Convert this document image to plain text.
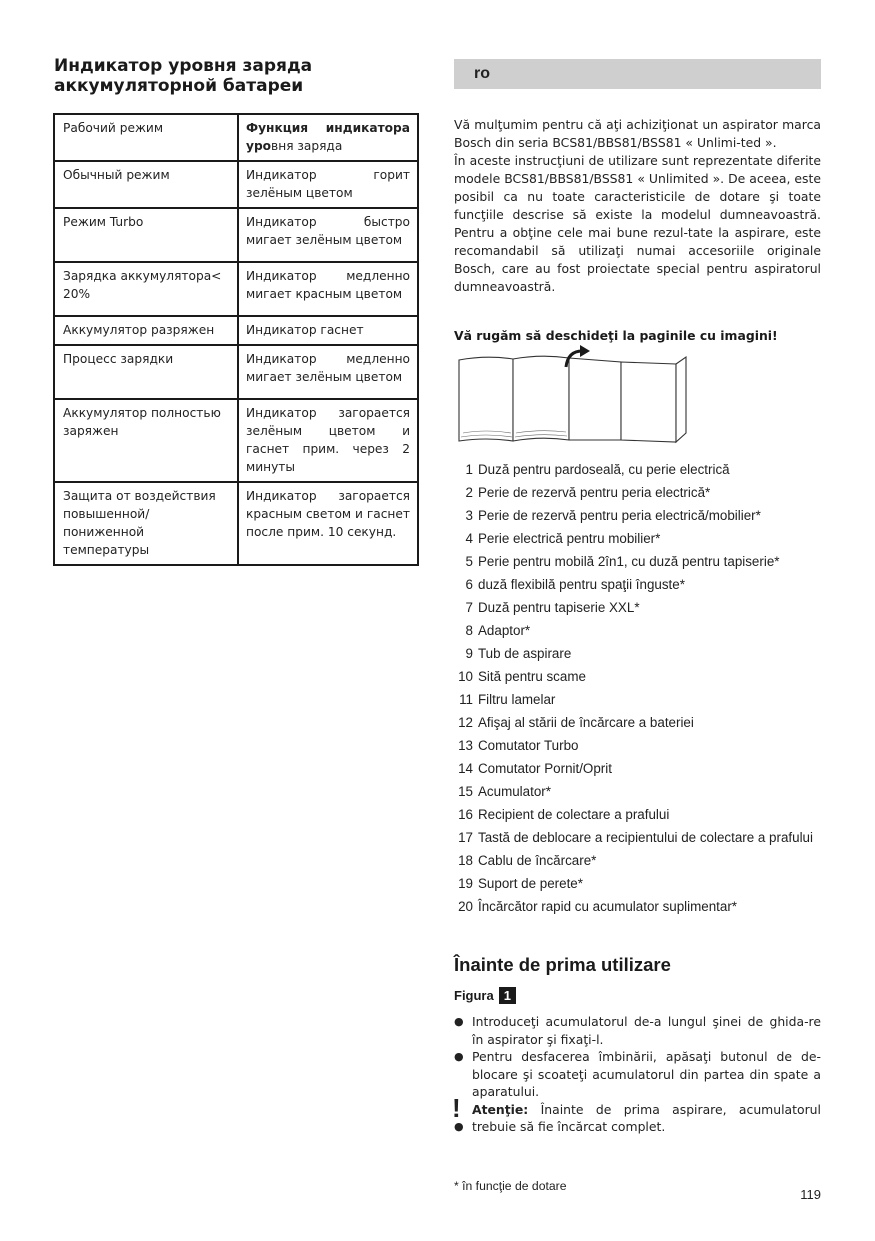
Индикатор уровня заряда аккумуляторной батареи
Рабочий режим	Функция индикатора уровня заряда
Обычный режим	Индикатор горит зелёным цветом
Режим Turbo	Индикатор быстро мигает зелёным цветом
Зарядка аккумулятора< 20%	Индикатор медленно мигает красным цветом
Аккумулятор разряжен	Индикатор гаснет
Процесс зарядки	Индикатор медленно мигает зелёным цветом
Аккумулятор полностью заряжен	Индикатор загорается зелёным цветом и гаснет прим. через 2 минуты
Защита от воздействия повышенной/ пониженной температуры	Индикатор загорается красным светом и гаснет после прим. 10 секунд.
ro

Vă mulţumim pentru că aţi achiziţionat un aspirator marca Bosch din seria BCS81/BBS81/BSS81 « Unlimi-ted ».

În aceste instrucţiuni de utilizare sunt reprezentate diferite modele BCS81/BBS81/BSS81 « Unlimited ». De aceea, este posibil ca nu toate caracteristicile de dotare şi toate funcţiile descrise să existe la modelul dumneavoastră. Pentru a obţine cele mai bune rezul-tate la aspirare, este recomandabil să utilizaţi numai accesoriile originale Bosch, care au fost proiectate special pentru aspiratorul dumneavoastră.

Vă rugăm să deschideţi la paginile cu imagini!
1 Duză pentru pardoseală, cu perie electrică
2 Perie de rezervă pentru peria electrică*
3 Perie de rezervă pentru peria electrică/mobilier*
4 Perie electrică pentru mobilier*
5 Perie pentru mobilă 2în1, cu duză pentru tapiserie*
6 duză flexibilă pentru spaţii înguste*
7 Duză pentru tapiserie XXL*
8 Adaptor*
9 Tub de aspirare
10 Sită pentru scame
11 Filtru lamelar
12 Afişaj al stării de încărcare a bateriei
13 Comutator Turbo
14 Comutator Pornit/Oprit
15 Acumulator*
16 Recipient de colectare a prafului
17 Tastă de deblocare a recipientului de colectare a prafului
18 Cablu de încărcare*
19 Suport de perete*
20 Încărcător rapid cu acumulator suplimentar*
Înainte de prima utilizare
Figura 1
● Introduceţi acumulatorul de-a lungul şinei de ghida-re în aspirator şi fixaţi-l.
● Pentru desfacerea îmbinării, apăsaţi butonul de de-blocare şi scoateţi acumulatorul din partea din spate a aparatului.
!
●
Atenţie: Înainte de prima aspirare, acumulatorul trebuie să fie încărcat complet.
* în funcţie de dotare
119
